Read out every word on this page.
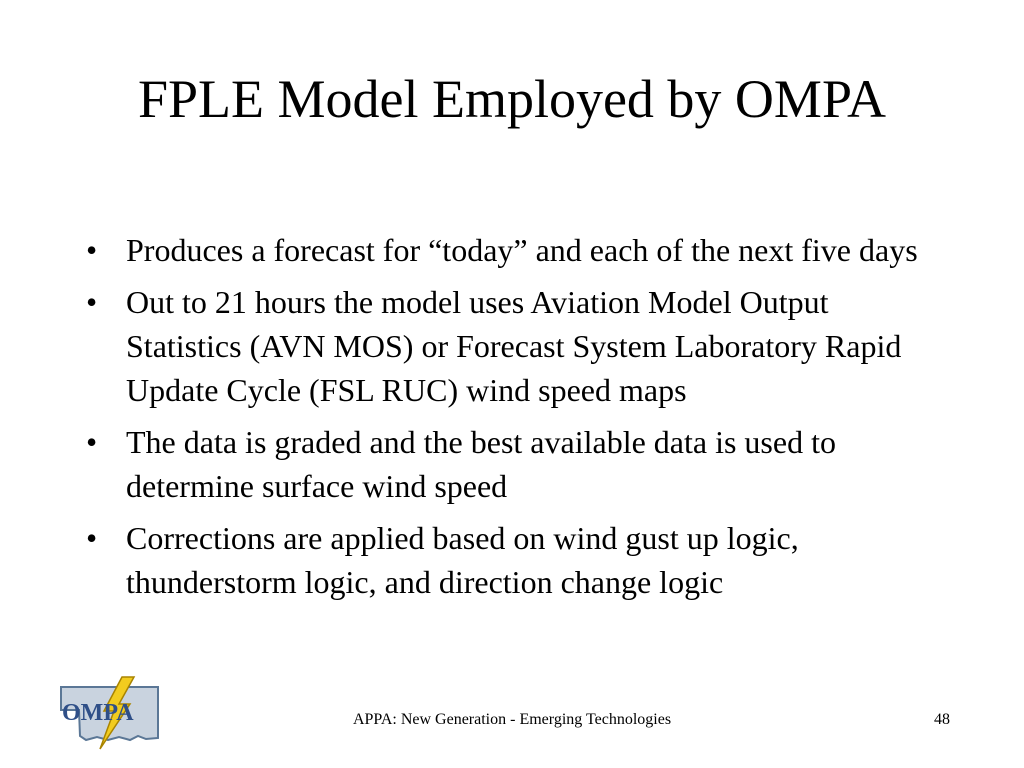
FPLE Model Employed by OMPA
• Produces a forecast for “today” and each of the next five days
• Out to 21 hours the model uses Aviation Model Output Statistics (AVN MOS) or Forecast System Laboratory Rapid Update Cycle (FSL RUC) wind speed maps
• The data is graded and the best available data is used to determine surface wind speed
• Corrections are applied based on wind gust up logic, thunderstorm logic, and direction change logic
OMPA	APPA: New Generation - Emerging Technologies	48
